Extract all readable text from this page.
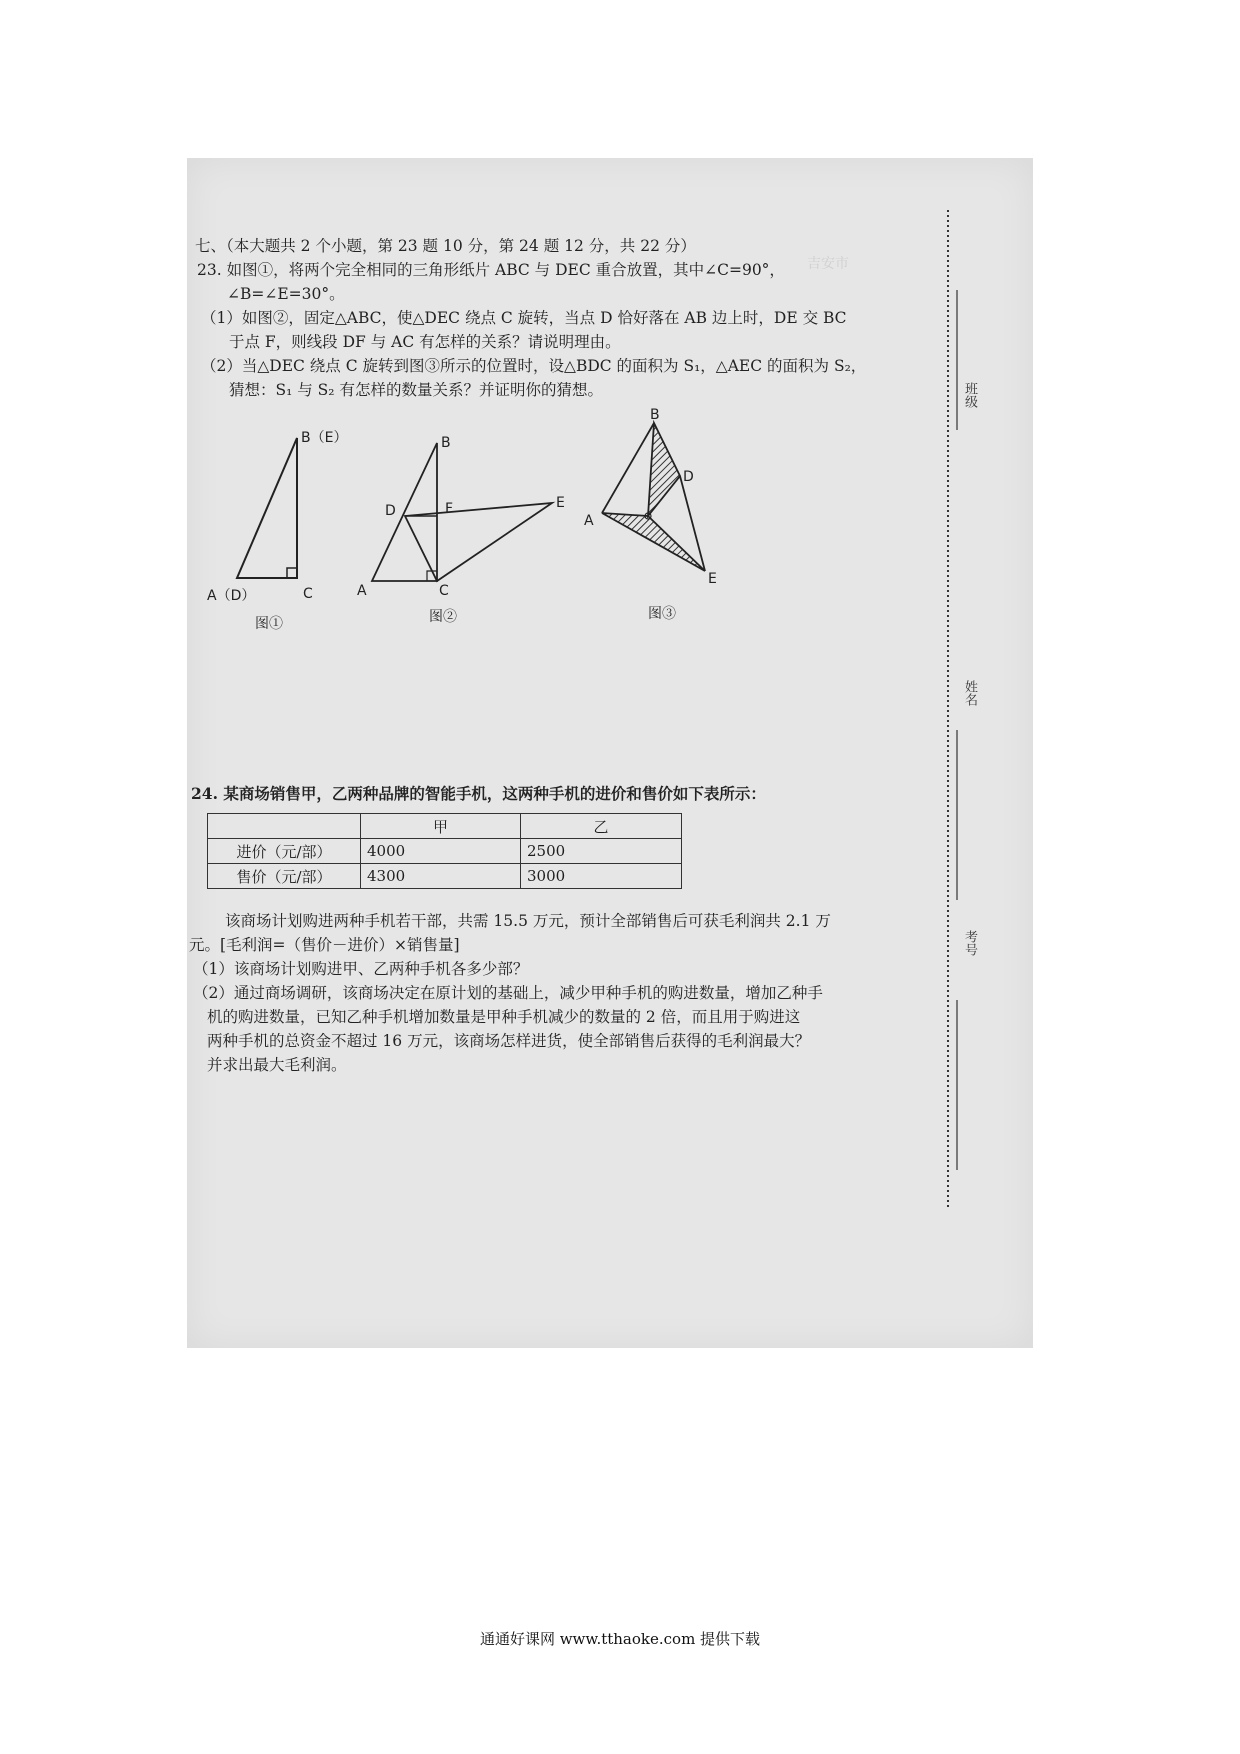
吉安市
七、（本大题共 2 个小题，第 23 题 10 分，第 24 题 12 分，共 22 分）
23. 如图①，将两个完全相同的三角形纸片 ABC 与 DEC 重合放置，其中∠C=90°，
∠B=∠E=30°。
（1）如图②，固定△ABC，使△DEC 绕点 C 旋转，当点 D 恰好落在 AB 边上时，DE 交 BC
于点 F，则线段 DF 与 AC 有怎样的关系？请说明理由。
（2）当△DEC 绕点 C 旋转到图③所示的位置时，设△BDC 的面积为 S₁，△AEC 的面积为 S₂，
猜想：S₁ 与 S₂ 有怎样的数量关系？并证明你的猜想。
B（E）
A（D）	C
图①
B
D	F	E
A	C
图②
B
D
A
E
图③
24. 某商场销售甲，乙两种品牌的智能手机，这两种手机的进价和售价如下表所示：
	甲	乙
进价（元/部）	4000	2500
售价（元/部）	4300	3000
该商场计划购进两种手机若干部，共需 15.5 万元，预计全部销售后可获毛利润共 2.1 万
元。[毛利润=（售价－进价）×销售量]
（1）该商场计划购进甲、乙两种手机各多少部？
（2）通过商场调研，该商场决定在原计划的基础上，减少甲种手机的购进数量，增加乙种手
机的购进数量，已知乙种手机增加数量是甲种手机减少的数量的 2 倍，而且用于购进这
两种手机的总资金不超过 16 万元，该商场怎样进货，使全部销售后获得的毛利润最大？
并求出最大毛利润。
班级
姓名
考号
通通好课网 www.tthaoke.com 提供下载
